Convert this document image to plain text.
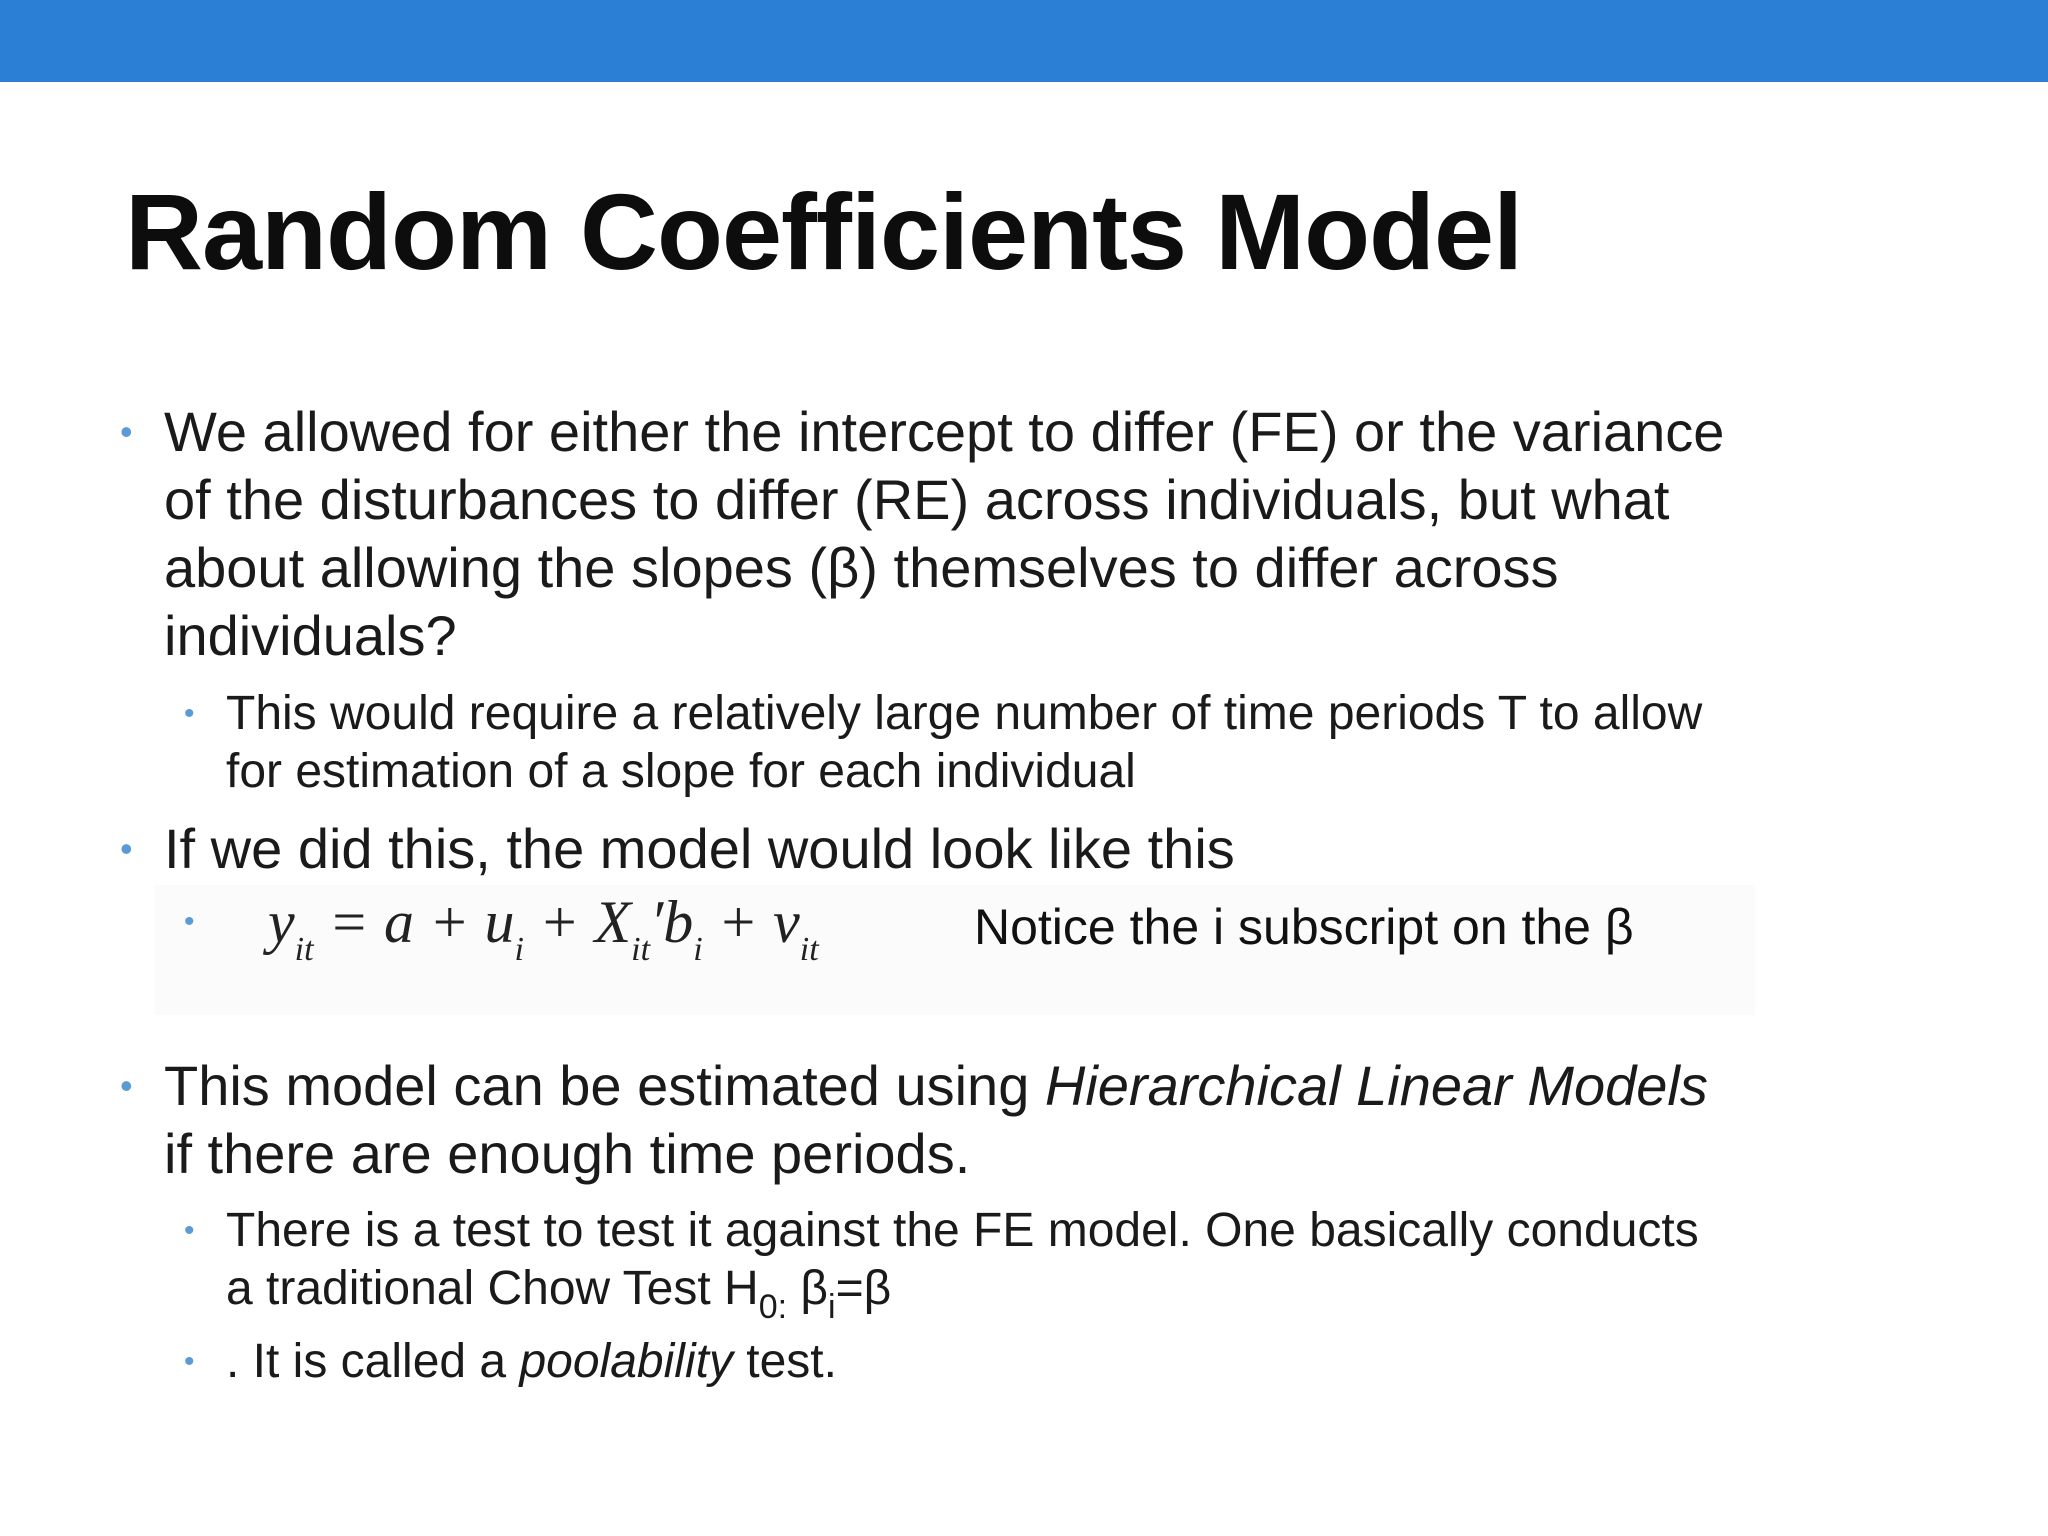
Random Coefficients Model
• We allowed for either the intercept to differ (FE) or the variance
of the disturbances to differ (RE) across individuals, but what
about allowing the slopes (β) themselves to differ across
individuals?
• This would require a relatively large number of time periods T to allow
for estimation of a slope for each individual
• If we did this, the model would look like this
• $y_{it} = a + u_i + X_{it}'b_i + v_{it}$	Notice the i subscript on the β
• This model can be estimated using Hierarchical Linear Models
if there are enough time periods.
• There is a test to test it against the FE model. One basically conducts
a traditional Chow Test $H_{0:}$ $\beta_i=\beta$
• . It is called a poolability test.
